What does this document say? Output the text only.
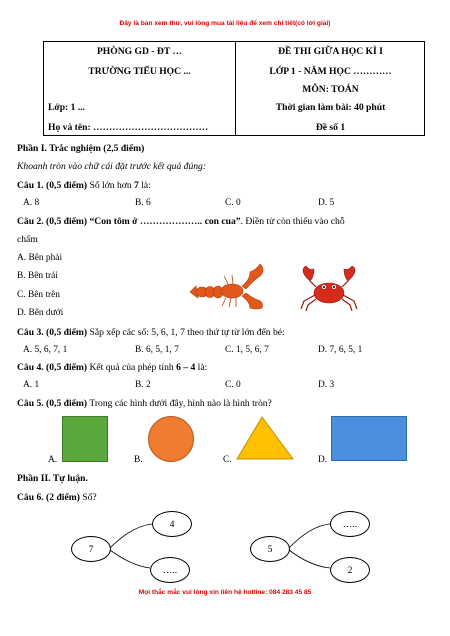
Đây là bản xem thử, vui lòng mua tài liệu để xem chi tiết(có lời giải)
PHÒNG GD - ĐT …
TRƯỜNG TIỂU HỌC ...
Lớp: 1 ...
Họ và tên: ………………………………
ĐỀ THI GIỮA HỌC KÌ I
LỚP 1 - NĂM HỌC …………
MÔN: TOÁN
Thời gian làm bài: 40 phút
Đề số 1
Phần I. Trắc nghiệm (2,5 điểm)
Khoanh tròn vào chữ cái đặt trước kết quả đúng:
Câu 1. (0,5 điểm) Số lớn hơn 7 là:
A. 8	B. 6	C. 0	D. 5
Câu 2. (0,5 điểm) “Con tôm ở ……………….. con cua”. Điền từ còn thiếu vào chỗ
chấm
A. Bên phải
B. Bên trái
C. Bên trên
D. Bên dưới
Câu 3. (0,5 điểm) Sắp xếp các số: 5, 6, 1, 7 theo thứ tự từ lớn đến bé:
A. 5, 6, 7, 1	B. 6, 5, 1, 7	C. 1, 5, 6, 7	D. 7, 6, 5, 1
Câu 4. (0,5 điểm) Kết quả của phép tính 6 – 4 là:
A. 1	B. 2	C. 0	D. 3
Câu 5. (0,5 điểm) Trong các hình dưới đây, hình nào là hình tròn?
A.	B.	C.	D.
Phần II. Tự luận.
Câu 6. (2 điểm) Số?
4
7
…..
…..
5
2
Mọi thắc mắc vui lòng xin liên hệ hotline: 084 283 45 85
